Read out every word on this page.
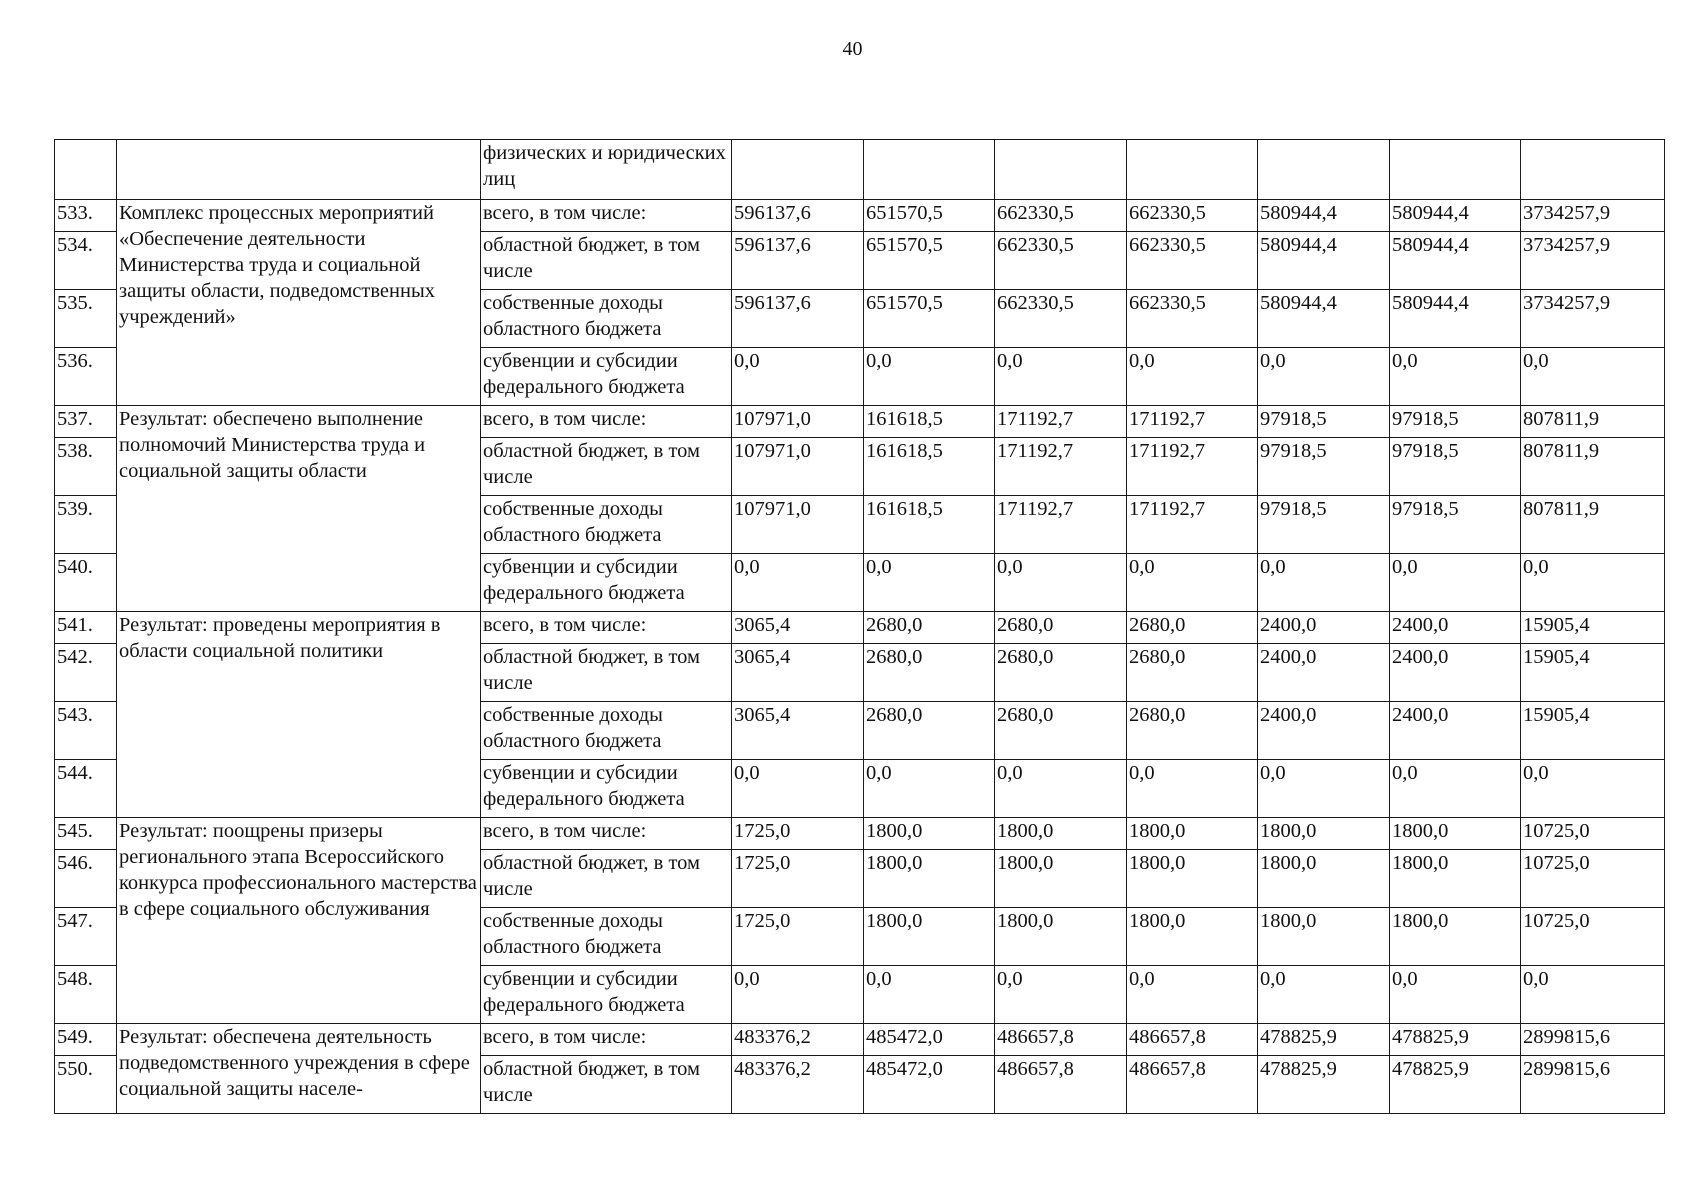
40
		физических и юридических лиц							
533.	Комплекс процессных мероприятий «Обеспечение деятельности Министерства труда и социальной защиты области, подведомственных учреждений»	всего, в том числе:	596137,6	651570,5	662330,5	662330,5	580944,4	580944,4	3734257,9
534.		областной бюджет, в том числе	596137,6	651570,5	662330,5	662330,5	580944,4	580944,4	3734257,9
535.		собственные доходы областного бюджета	596137,6	651570,5	662330,5	662330,5	580944,4	580944,4	3734257,9
536.		субвенции и субсидии федерального бюджета	0,0	0,0	0,0	0,0	0,0	0,0	0,0
537.	Результат: обеспечено выполнение полномочий Министерства труда и социальной защиты области	всего, в том числе:	107971,0	161618,5	171192,7	171192,7	97918,5	97918,5	807811,9
538.		областной бюджет, в том числе	107971,0	161618,5	171192,7	171192,7	97918,5	97918,5	807811,9
539.		собственные доходы областного бюджета	107971,0	161618,5	171192,7	171192,7	97918,5	97918,5	807811,9
540.		субвенции и субсидии федерального бюджета	0,0	0,0	0,0	0,0	0,0	0,0	0,0
541.	Результат: проведены мероприятия в области социальной политики	всего, в том числе:	3065,4	2680,0	2680,0	2680,0	2400,0	2400,0	15905,4
542.		областной бюджет, в том числе	3065,4	2680,0	2680,0	2680,0	2400,0	2400,0	15905,4
543.		собственные доходы областного бюджета	3065,4	2680,0	2680,0	2680,0	2400,0	2400,0	15905,4
544.		субвенции и субсидии федерального бюджета	0,0	0,0	0,0	0,0	0,0	0,0	0,0
545.	Результат: поощрены призеры регионального этапа Всероссийского конкурса профессионального мастерства в сфере социального обслуживания	всего, в том числе:	1725,0	1800,0	1800,0	1800,0	1800,0	1800,0	10725,0
546.		областной бюджет, в том числе	1725,0	1800,0	1800,0	1800,0	1800,0	1800,0	10725,0
547.		собственные доходы областного бюджета	1725,0	1800,0	1800,0	1800,0	1800,0	1800,0	10725,0
548.		субвенции и субсидии федерального бюджета	0,0	0,0	0,0	0,0	0,0	0,0	0,0
549.	Результат: обеспечена деятельность подведомственного учреждения в сфере социальной защиты населе-	всего, в том числе:	483376,2	485472,0	486657,8	486657,8	478825,9	478825,9	2899815,6
550.		областной бюджет, в том числе	483376,2	485472,0	486657,8	486657,8	478825,9	478825,9	2899815,6
